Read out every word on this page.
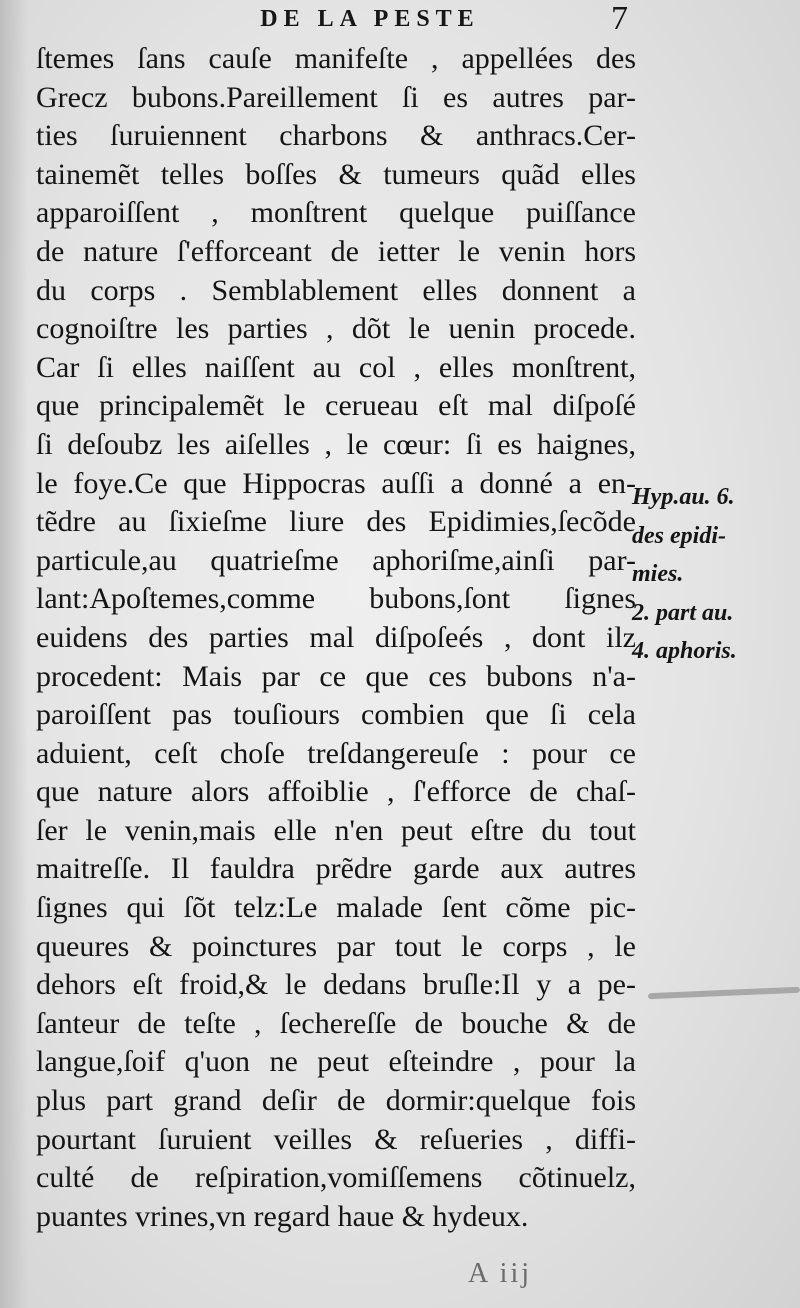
DE LA PESTE	7
ſtemes ſans cauſe manifeſte , appellées des
Grecz bubons.Pareillement ſi es autres par-
ties ſuruiennent charbons & anthracs.Cer-
tainemẽt telles boſſes & tumeurs quãd elles
apparoiſſent , monſtrent quelque puiſſance
de nature ſ'efforceant de ietter le venin hors
du corps . Semblablement elles donnent a
cognoiſtre les parties , dõt le uenin procede.
Car ſi elles naiſſent au col , elles monſtrent,
que principalemẽt le cerueau eſt mal diſpoſé
ſi deſoubz les aiſelles , le cœur: ſi es haignes,
le foye.Ce que Hippocras auſſi a donné a en-
tẽdre au ſixieſme liure des Epidimies,ſecõde
particule,au quatrieſme aphoriſme,ainſi par-
lant:Apoſtemes,comme bubons,ſont ſignes
euidens des parties mal diſpoſeés , dont ilz
procedent: Mais par ce que ces bubons n'a-
paroiſſent pas touſiours combien que ſi cela
aduient, ceſt choſe treſdangereuſe : pour ce
que nature alors affoiblie , ſ'efforce de chaſ-
ſer le venin,mais elle n'en peut eſtre du tout
maitreſſe. Il fauldra prẽdre garde aux autres
ſignes qui ſõt telz:Le malade ſent cõme pic-
queures & poinctures par tout le corps , le
dehors eſt froid,& le dedans bruſle:Il y a pe-
ſanteur de teſte , ſechereſſe de bouche & de
langue,ſoif q'uon ne peut eſteindre , pour la
plus part grand deſir de dormir:quelque fois
pourtant ſuruient veilles & reſueries , diffi-
culté de reſpiration,vomiſſemens cõtinuelz,
puantes vrines,vn regard haue & hydeux.
Hyp.au. 6.
des epidi-
mies.
2. part au.
4. aphoris.
A iij
